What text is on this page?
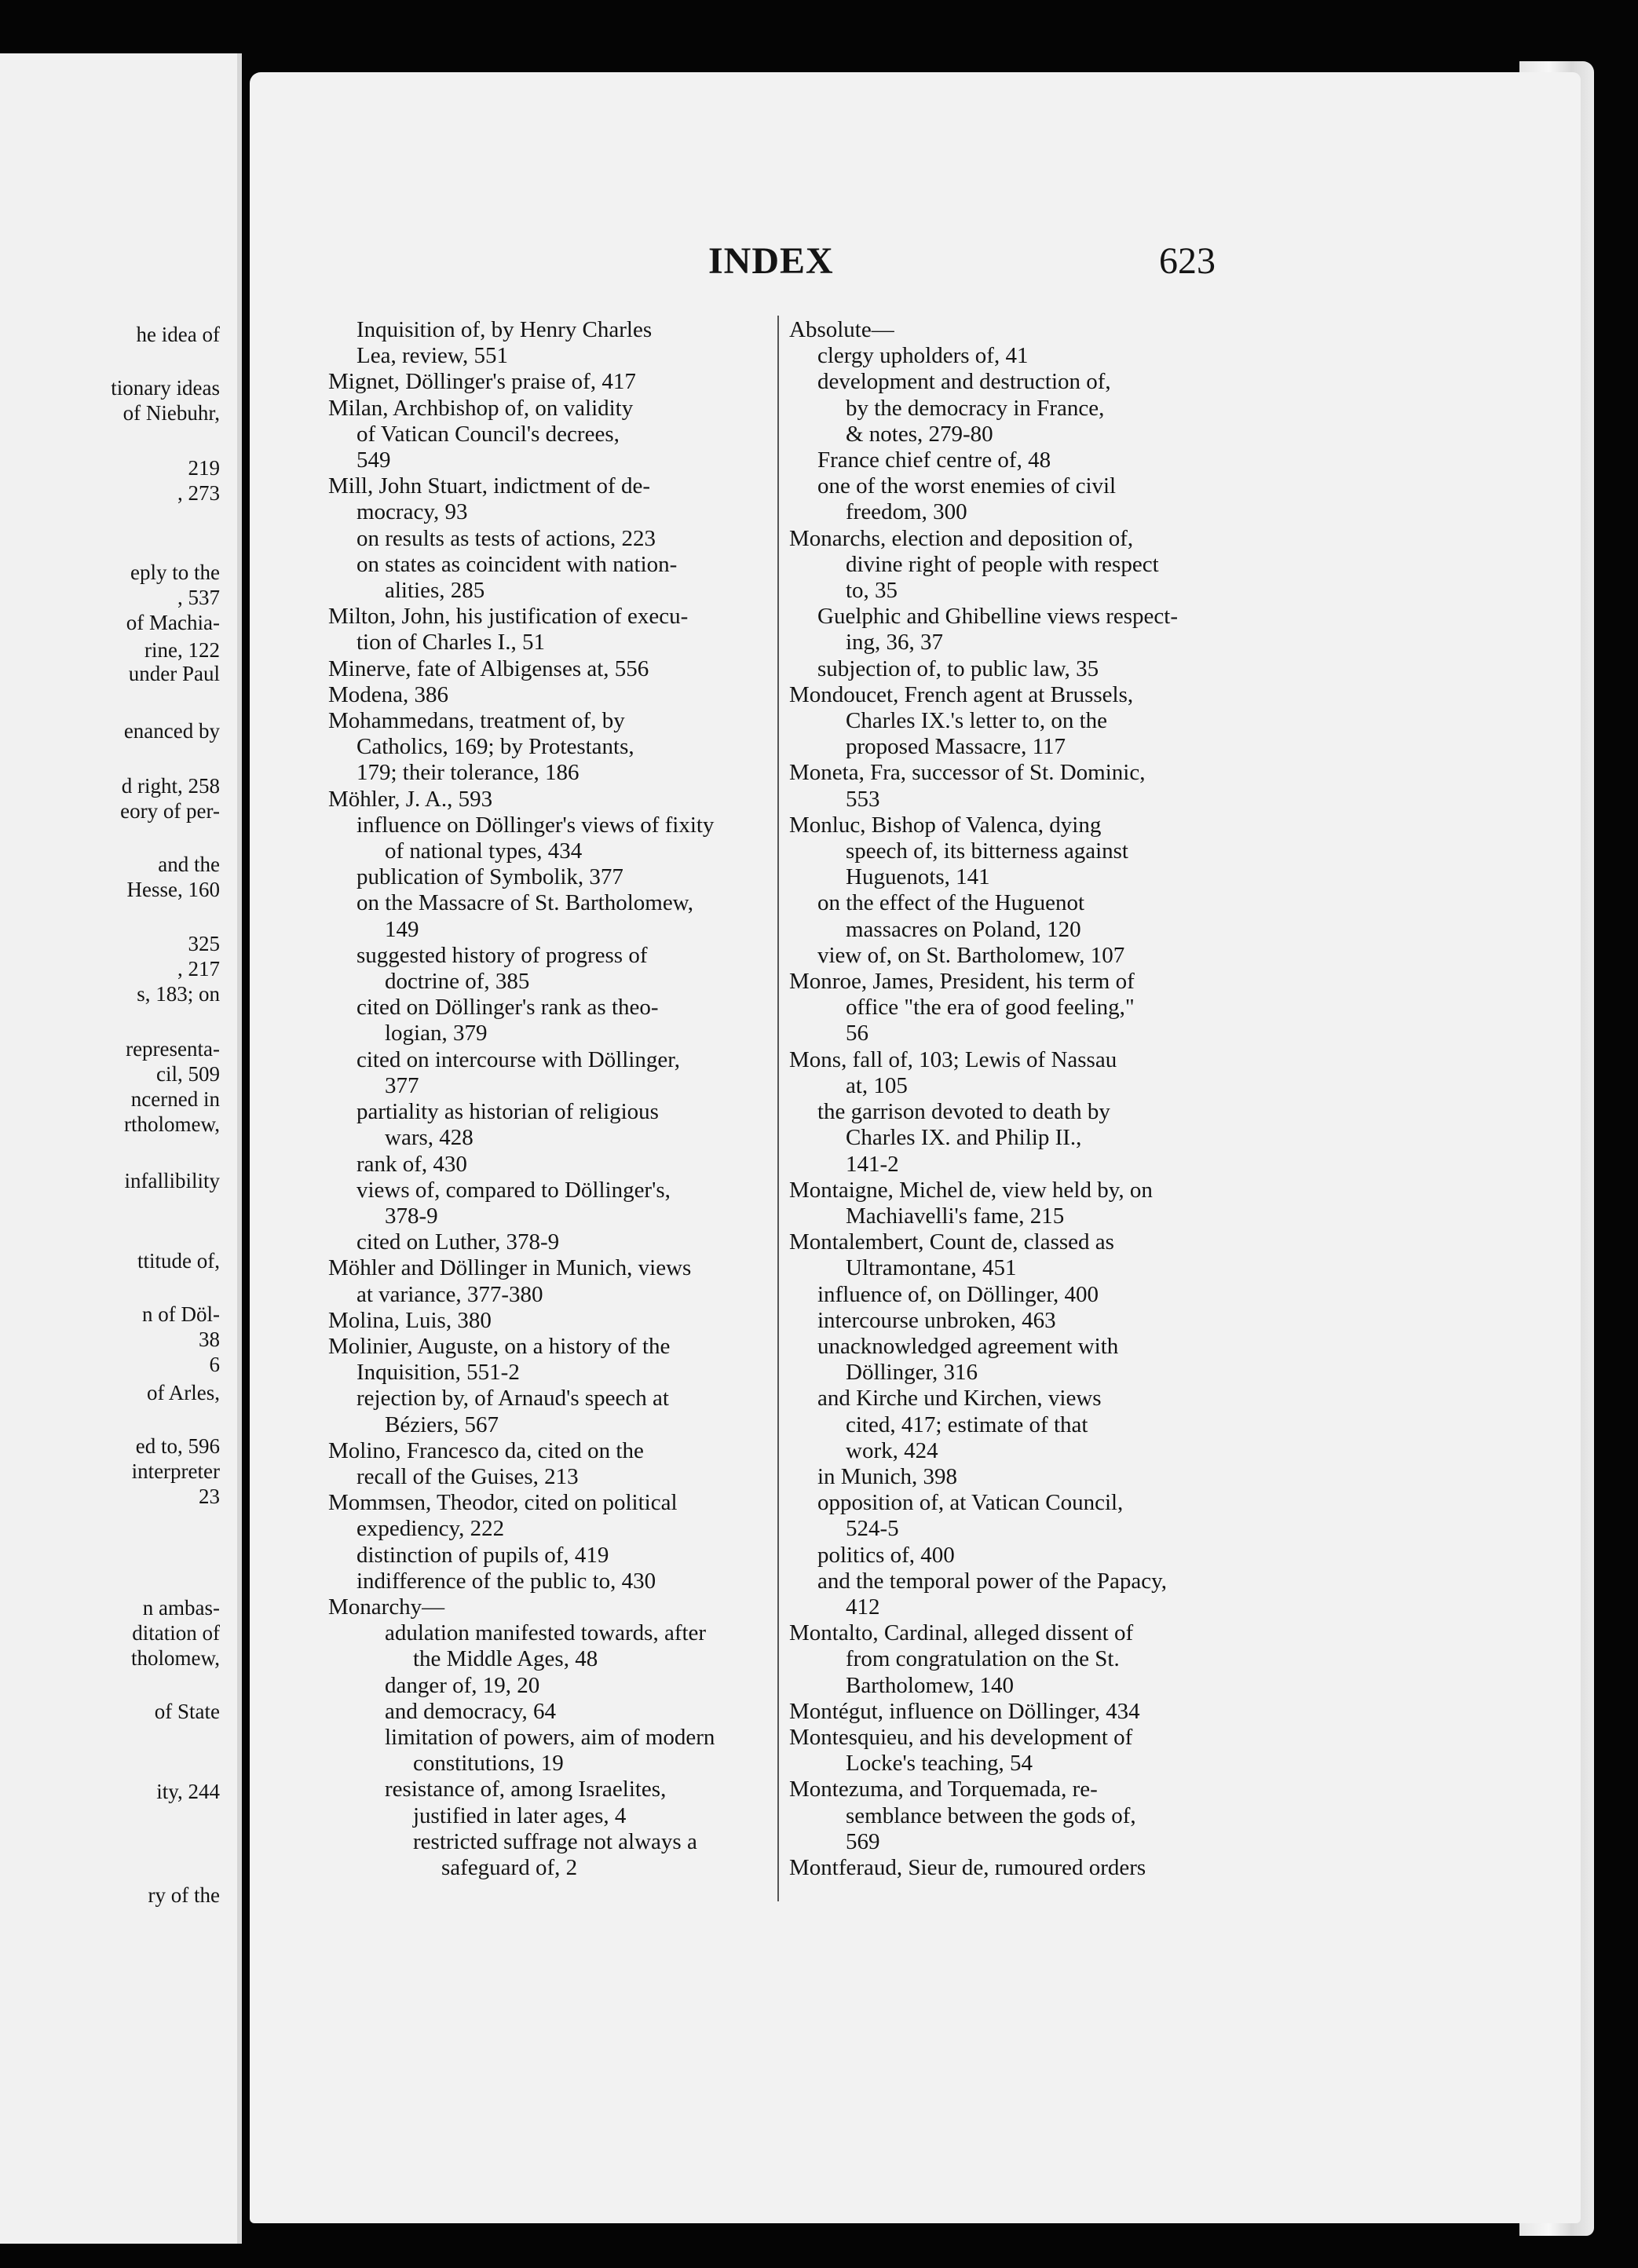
he idea of
tionary ideas
of Niebuhr,
219
, 273
eply to the
, 537
of Machia-
rine, 122
under Paul
enanced by
d right, 258
eory of per-
and the
Hesse, 160
325
, 217
s, 183; on
representa-
cil, 509
ncerned in
rtholomew,
infallibility
ttitude of,
n of Döl-
38
6
of Arles,
ed to, 596
interpreter
23
n ambas-
ditation of
tholomew,
of State
ity, 244
ry of the
INDEX	623
Inquisition of, by Henry Charles
Lea, review, 551
Mignet, Döllinger's praise of, 417
Milan, Archbishop of, on validity
of Vatican Council's decrees,
549
Mill, John Stuart, indictment of de-
mocracy, 93
on results as tests of actions, 223
on states as coincident with nation-
alities, 285
Milton, John, his justification of execu-
tion of Charles I., 51
Minerve, fate of Albigenses at, 556
Modena, 386
Mohammedans, treatment of, by
Catholics, 169; by Protestants,
179; their tolerance, 186
Möhler, J. A., 593
influence on Döllinger's views of fixity
of national types, 434
publication of Symbolik, 377
on the Massacre of St. Bartholomew,
149
suggested history of progress of
doctrine of, 385
cited on Döllinger's rank as theo-
logian, 379
cited on intercourse with Döllinger,
377
partiality as historian of religious
wars, 428
rank of, 430
views of, compared to Döllinger's,
378-9
cited on Luther, 378-9
Möhler and Döllinger in Munich, views
at variance, 377-380
Molina, Luis, 380
Molinier, Auguste, on a history of the
Inquisition, 551-2
rejection by, of Arnaud's speech at
Béziers, 567
Molino, Francesco da, cited on the
recall of the Guises, 213
Mommsen, Theodor, cited on political
expediency, 222
distinction of pupils of, 419
indifference of the public to, 430
Monarchy—
adulation manifested towards, after
the Middle Ages, 48
danger of, 19, 20
and democracy, 64
limitation of powers, aim of modern
constitutions, 19
resistance of, among Israelites,
justified in later ages, 4
restricted suffrage not always a
safeguard of, 2
Absolute—
clergy upholders of, 41
development and destruction of,
by the democracy in France,
& notes, 279-80
France chief centre of, 48
one of the worst enemies of civil
freedom, 300
Monarchs, election and deposition of,
divine right of people with respect
to, 35
Guelphic and Ghibelline views respect-
ing, 36, 37
subjection of, to public law, 35
Mondoucet, French agent at Brussels,
Charles IX.'s letter to, on the
proposed Massacre, 117
Moneta, Fra, successor of St. Dominic,
553
Monluc, Bishop of Valenca, dying
speech of, its bitterness against
Huguenots, 141
on the effect of the Huguenot
massacres on Poland, 120
view of, on St. Bartholomew, 107
Monroe, James, President, his term of
office "the era of good feeling,"
56
Mons, fall of, 103; Lewis of Nassau
at, 105
the garrison devoted to death by
Charles IX. and Philip II.,
141-2
Montaigne, Michel de, view held by, on
Machiavelli's fame, 215
Montalembert, Count de, classed as
Ultramontane, 451
influence of, on Döllinger, 400
intercourse unbroken, 463
unacknowledged agreement with
Döllinger, 316
and Kirche und Kirchen, views
cited, 417; estimate of that
work, 424
in Munich, 398
opposition of, at Vatican Council,
524-5
politics of, 400
and the temporal power of the Papacy,
412
Montalto, Cardinal, alleged dissent of
from congratulation on the St.
Bartholomew, 140
Montégut, influence on Döllinger, 434
Montesquieu, and his development of
Locke's teaching, 54
Montezuma, and Torquemada, re-
semblance between the gods of,
569
Montferaud, Sieur de, rumoured orders
